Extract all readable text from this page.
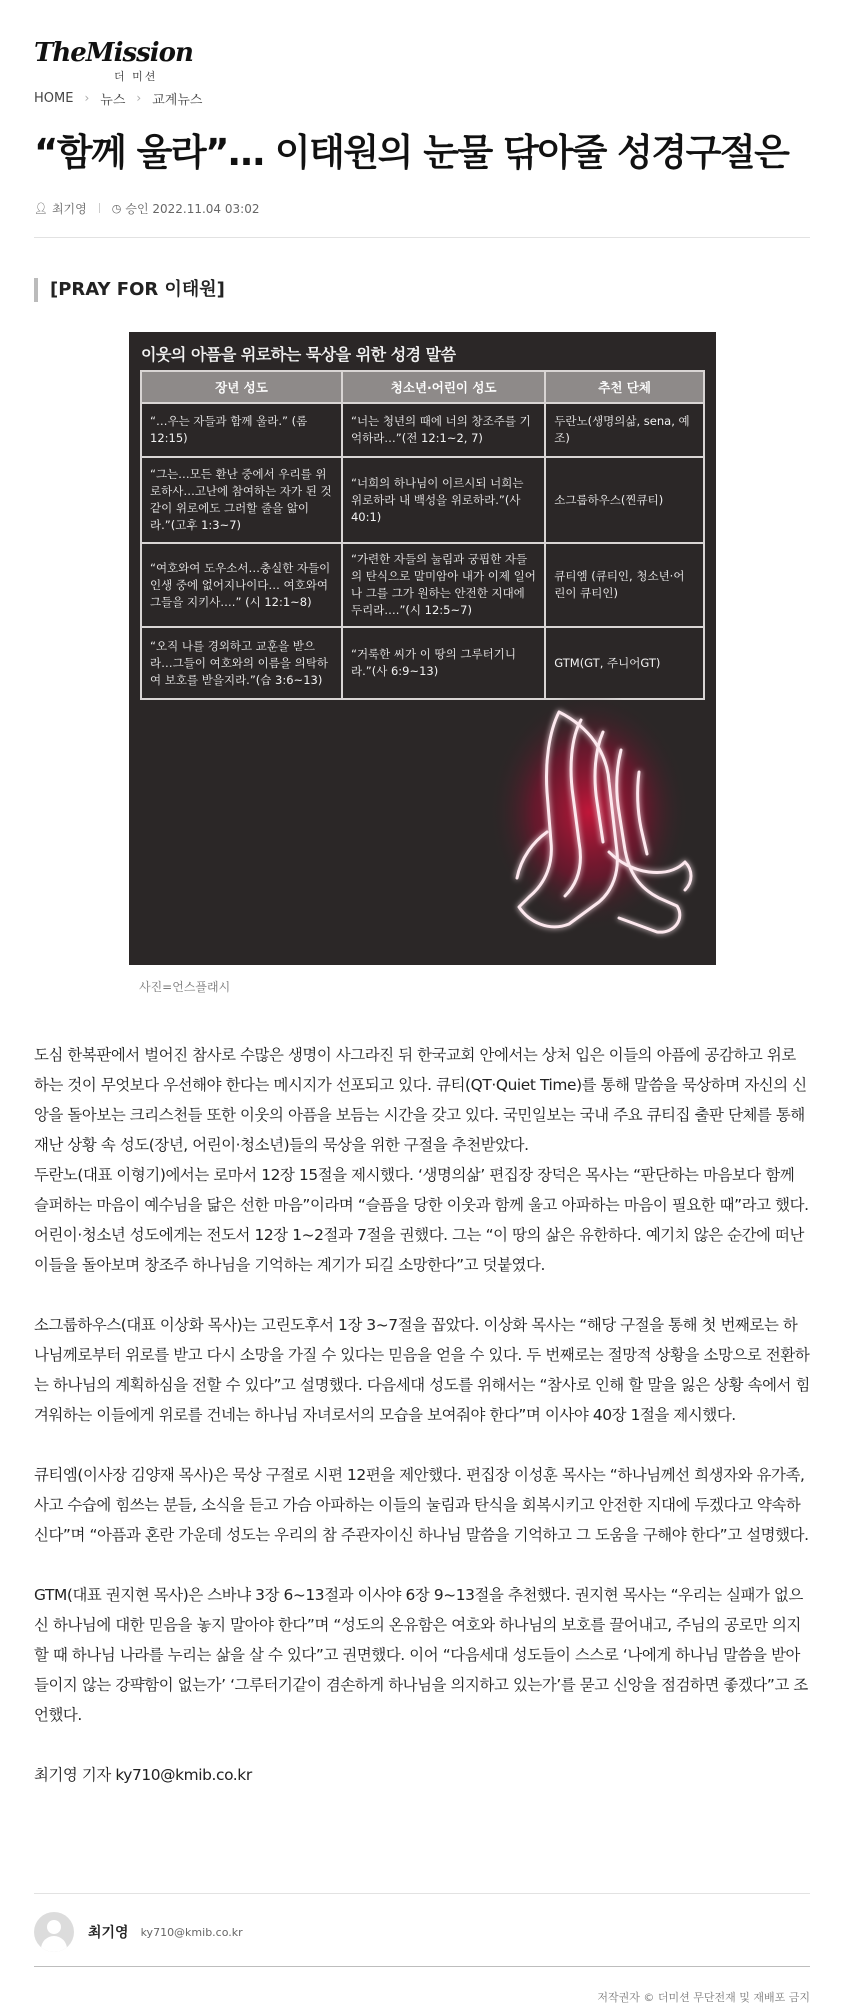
TheMission
더 미션
HOME › 뉴스 › 교계뉴스
“함께 울라”… 이태원의 눈물 닦아줄 성경구절은
👤︎ 최기영 ◷ 승인 2022.11.04 03:02
[PRAY FOR 이태원]
이웃의 아픔을 위로하는 묵상을 위한 성경 말씀
장년 성도	청소년·어린이 성도	추천 단체
“…우는 자들과 함께 울라.” (롬 12:15)	“너는 청년의 때에 너의 창조주를 기억하라…”(전 12:1~2, 7)	두란노(생명의삶, sena, 예조)
“그는…모든 환난 중에서 우리를 위로하사…고난에 참여하는 자가 된 것 같이 위로에도 그러할 줄을 앎이라.”(고후 1:3~7)	“너희의 하나님이 이르시되 너희는 위로하라 내 백성을 위로하라.”(사 40:1)	소그룹하우스(찐큐티)
“여호와여 도우소서…충실한 자들이 인생 중에 없어지나이다… 여호와여 그들을 지키사….” (시 12:1~8)	“가련한 자들의 눌림과 궁핍한 자들의 탄식으로 말미암아 내가 이제 일어나 그를 그가 원하는 안전한 지대에 두리라….”(시 12:5~7)	큐티엠 (큐티인, 청소년·어린이 큐티인)
“오직 나를 경외하고 교훈을 받으라…그들이 여호와의 이름을 의탁하여 보호를 받을지라.”(습 3:6~13)	“거룩한 씨가 이 땅의 그루터기니라.”(사 6:9~13)	GTM(GT, 주니어GT)
사진=언스플래시

도심 한복판에서 벌어진 참사로 수많은 생명이 사그라진 뒤 한국교회 안에서는 상처 입은 이들의 아픔에 공감하고 위로하는 것이 무엇보다 우선해야 한다는 메시지가 선포되고 있다. 큐티(QT·Quiet Time)를 통해 말씀을 묵상하며 자신의 신앙을 돌아보는 크리스천들 또한 이웃의 아픔을 보듬는 시간을 갖고 있다. 국민일보는 국내 주요 큐티집 출판 단체를 통해 재난 상황 속 성도(장년, 어린이·청소년)들의 묵상을 위한 구절을 추천받았다.

두란노(대표 이형기)에서는 로마서 12장 15절을 제시했다. ‘생명의삶’ 편집장 장덕은 목사는 “판단하는 마음보다 함께 슬퍼하는 마음이 예수님을 닮은 선한 마음”이라며 “슬픔을 당한 이웃과 함께 울고 아파하는 마음이 필요한 때”라고 했다. 어린이·청소년 성도에게는 전도서 12장 1~2절과 7절을 권했다. 그는 “이 땅의 삶은 유한하다. 예기치 않은 순간에 떠난 이들을 돌아보며 창조주 하나님을 기억하는 계기가 되길 소망한다”고 덧붙였다.

소그룹하우스(대표 이상화 목사)는 고린도후서 1장 3~7절을 꼽았다. 이상화 목사는 “해당 구절을 통해 첫 번째로는 하나님께로부터 위로를 받고 다시 소망을 가질 수 있다는 믿음을 얻을 수 있다. 두 번째로는 절망적 상황을 소망으로 전환하는 하나님의 계획하심을 전할 수 있다”고 설명했다. 다음세대 성도를 위해서는 “참사로 인해 할 말을 잃은 상황 속에서 힘겨워하는 이들에게 위로를 건네는 하나님 자녀로서의 모습을 보여줘야 한다”며 이사야 40장 1절을 제시했다.

큐티엠(이사장 김양재 목사)은 묵상 구절로 시편 12편을 제안했다. 편집장 이성훈 목사는 “하나님께선 희생자와 유가족, 사고 수습에 힘쓰는 분들, 소식을 듣고 가슴 아파하는 이들의 눌림과 탄식을 회복시키고 안전한 지대에 두겠다고 약속하신다”며 “아픔과 혼란 가운데 성도는 우리의 참 주관자이신 하나님 말씀을 기억하고 그 도움을 구해야 한다”고 설명했다.

GTM(대표 권지현 목사)은 스바냐 3장 6~13절과 이사야 6장 9~13절을 추천했다. 권지현 목사는 “우리는 실패가 없으신 하나님에 대한 믿음을 놓지 말아야 한다”며 “성도의 온유함은 여호와 하나님의 보호를 끌어내고, 주님의 공로만 의지할 때 하나님 나라를 누리는 삶을 살 수 있다”고 권면했다. 이어 “다음세대 성도들이 스스로 ‘나에게 하나님 말씀을 받아들이지 않는 강퍅함이 없는가’ ‘그루터기같이 겸손하게 하나님을 의지하고 있는가’를 묻고 신앙을 점검하면 좋겠다”고 조언했다.

최기영 기자 ky710@kmib.co.kr

최기영 ky710@kmib.co.kr
저작권자 © 더미션 무단전재 및 재배포 금지
